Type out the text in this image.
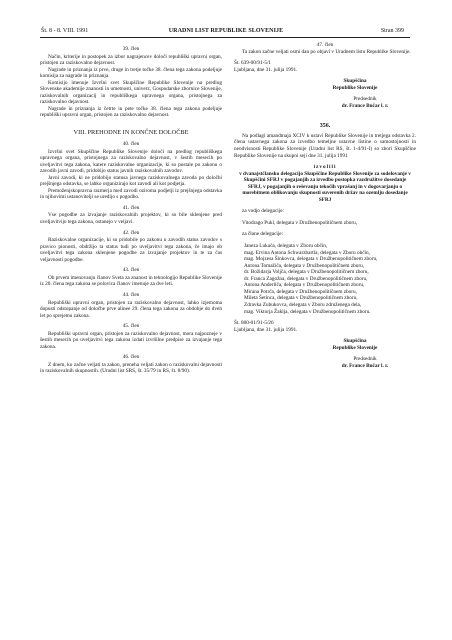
Št. 8 - 8. VIII. 1991	URADNI LIST REPUBLIKE SLOVENIJE	Stran 399

39. člen

Način, kriterije in postopek za izbor nagrajencev določi republiški upravni organ, pristojen za raziskovalno dejavnost.

Nagrade in priznanja iz prve, druge in tretje točke 38. člena tega zakona podeljuje komisija za nagrade in priznanja.

Komisijo imenuje Izvršni svet Skupščine Republike Slovenije na predlog Slovenske akademije znanosti in umetnosti, univerz, Gospodarske zbornice Slovenije, raziskovalnih organizacij in republiškega upravnega organa, pristojnega za raziskovalno dejavnost.

Nagrade in priznanja iz četrte in pete točke 38. člena tega zakona podeljuje republiški upravni organ, pristojen za raziskovalno dejavnost.

VIII. PREHODNE IN KONČNE DOLOČBE

40. člen

Izvršni svet Skupščine Republike Slovenije določi na predlog republiškega upravnega organa, pristojnega za raziskovalno dejavnost, v šestih mesecih po uveljavitvi tega zakona, katere raziskovalne organizacije, ki so postale po zakonu o zavodih javni zavodi, pridobijo status javnih raziskovalnih zavodov.

Javni zavodi, ki ne pridobijo statusa javnega raziskovalnega zavoda po določbi prejšnjega odstavka, se lahko organizirajo kot zavodi ali kot podjetja.

Premoženjskopravna razmerja med zavodi oziroma podjetji iz prejšnjega odstavka in njihovimi ustanovitelji se uredijo s pogodbo.

41. člen

Vse pogodbe za izvajanje raziskovalnih projektov, ki so bile sklenjene pred uveljavitvijo tega zakona, ostanejo v veljavi.

42. člen

Raziskovalne organizacije, ki so pridobile po zakonu o zavodih status zavodov s pravico pionosti, obdržijo ta status tudi po uveljavitvi tega zakona, če imajo ob uveljavitvi tega zakona sklenjene pogodbe za izvajanje projektov in te za čas veljavnosti pogodbe.

43. člen

Ob prvem imenovanju članov Sveta za znanost in tehnologijo Republike Slovenije iz 20. člena tega zakona se polovica članov imenuje za dve leti.

44. člen

Republiški upravni organ, pristojen za raziskovalno dejavnost, lahko izjemoma dopusti odstopanje od določbe prve alinee 29. člena tega zakona za obdobje do dveh let po sprejemu zakona.

45. člen

Republiški upravni organ, pristojen za raziskovalno dejavnost, mora najpozneje v šestih mesecih po uveljavitvi tega zakona izdati izvršilne predpise za izvajanje tega zakona.

46. člen

Z dnem, ko začne veljati ta zakon, preneha veljati zakon o raziskovalni dejavnosti in raziskovalnih skupnostih. (Uradni list SRS, št. 35/79 in RS, št. 8/90).

47. člen

Ta zakon začne veljati osmi dan po objavi v Uradnem listu Republike Slovenije.

Št. 639-00/91-5/1

Ljubljana, dne 31. julija 1991.

Skupščina

Republike Slovenije

Predsednik

dr. France Bučar l. r.

356.

Na podlagi amandmaja XCIV k ustavi Republike Slovenije in tretjega odstavka 2. člena ustavnega zakona za izvedbo temeljne ustavne listine o samostojnosti in neodvisnosti Republike Slovenije (Uradni list RS, št. 1-4/91-I) so zbori Skupščine Republike Slovenije na skupni seji dne 31. julija 1991

izvolili

v dvanajstčlansko delegacijo Skupščine Republike Slovenije za sodelovanje v Skupščini SFRJ v pogajanjih za izvedbo postopka razdružitve dosedanje SFRJ, v pogajanjih o reševanju tekočih vprašanj in v dogovarjanju o morebitnem oblikovanju skupnosti suverenih držav na ozemlju dosedanje SFRJ

za vodjo delegacije:

Vitodrago Pukl, delegata v Družbenopolitičnem zboru,

za člane delegacije:

Janeza Lukača, delegata v Zboru občin,

mag. Ervina Antona Schwarzbartla, delegata v Zboru občin,

mag. Mojzesa Šinkovca, delegata v Družbenopolitičnem zboru,

Antona Tomažiča, delegata v Družbenopolitičnem zboru,

dr. Božidarja Voljča, delegata v Družbenopolitičnem zboru,

dr. Franca Zagožna, delegata v Družbenopolitičnem zboru,

Antona Anderliča, delegata v Družbenopolitičnem zboru,

Mirana Potrča, delegata v Družbenopolitičnem zboru,

Mileta Šetinca, delegata v Družbenopolitičnem zboru,

Zdravka Zubukovca, delegata v Zboru združenega dela,

mag. Viktorja Žaklja, delegata v Družbenopolitičnem zboru.

Št. 800-01/91-5/26

Ljubljana, dne 31. julija 1991.

Skupščina

Republike Slovenije

Predsednik

dr. France Bučar l. r.
